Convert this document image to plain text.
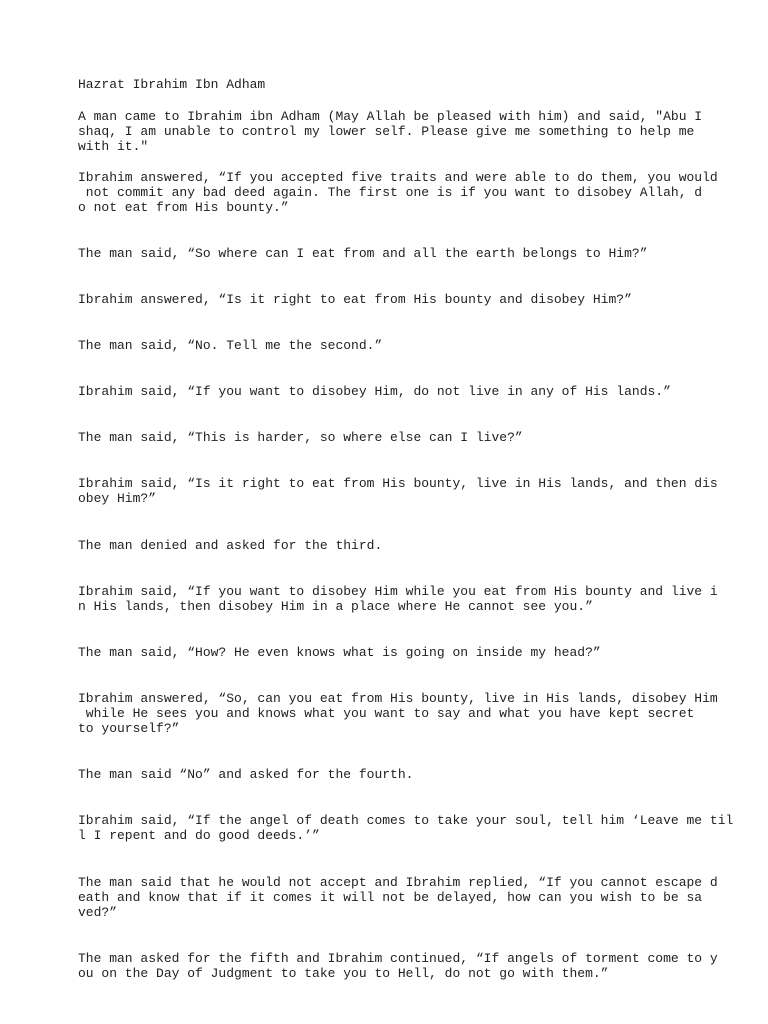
Hazrat Ibrahim Ibn Adham

A man came to Ibrahim ibn Adham (May Allah be pleased with him) and said, "Abu I

shaq, I am unable to control my lower self. Please give me something to help me

with it."

Ibrahim answered, “If you accepted five traits and were able to do them, you would

not commit any bad deed again. The first one is if you want to disobey Allah, d

o not eat from His bounty.”

The man said, “So where can I eat from and all the earth belongs to Him?”

Ibrahim answered, “Is it right to eat from His bounty and disobey Him?”

The man said, “No. Tell me the second.”

Ibrahim said, “If you want to disobey Him, do not live in any of His lands.”

The man said, “This is harder, so where else can I live?”

Ibrahim said, “Is it right to eat from His bounty, live in His lands, and then dis

obey Him?”

The man denied and asked for the third.

Ibrahim said, “If you want to disobey Him while you eat from His bounty and live i

n His lands, then disobey Him in a place where He cannot see you.”

The man said, “How? He even knows what is going on inside my head?”

Ibrahim answered, “So, can you eat from His bounty, live in His lands, disobey Him

while He sees you and knows what you want to say and what you have kept secret

to yourself?”

The man said “No” and asked for the fourth.

Ibrahim said, “If the angel of death comes to take your soul, tell him ‘Leave me til

l I repent and do good deeds.’”

The man said that he would not accept and Ibrahim replied, “If you cannot escape d

eath and know that if it comes it will not be delayed, how can you wish to be sa

ved?”

The man asked for the fifth and Ibrahim continued, “If angels of torment come to y

ou on the Day of Judgment to take you to Hell, do not go with them.”
